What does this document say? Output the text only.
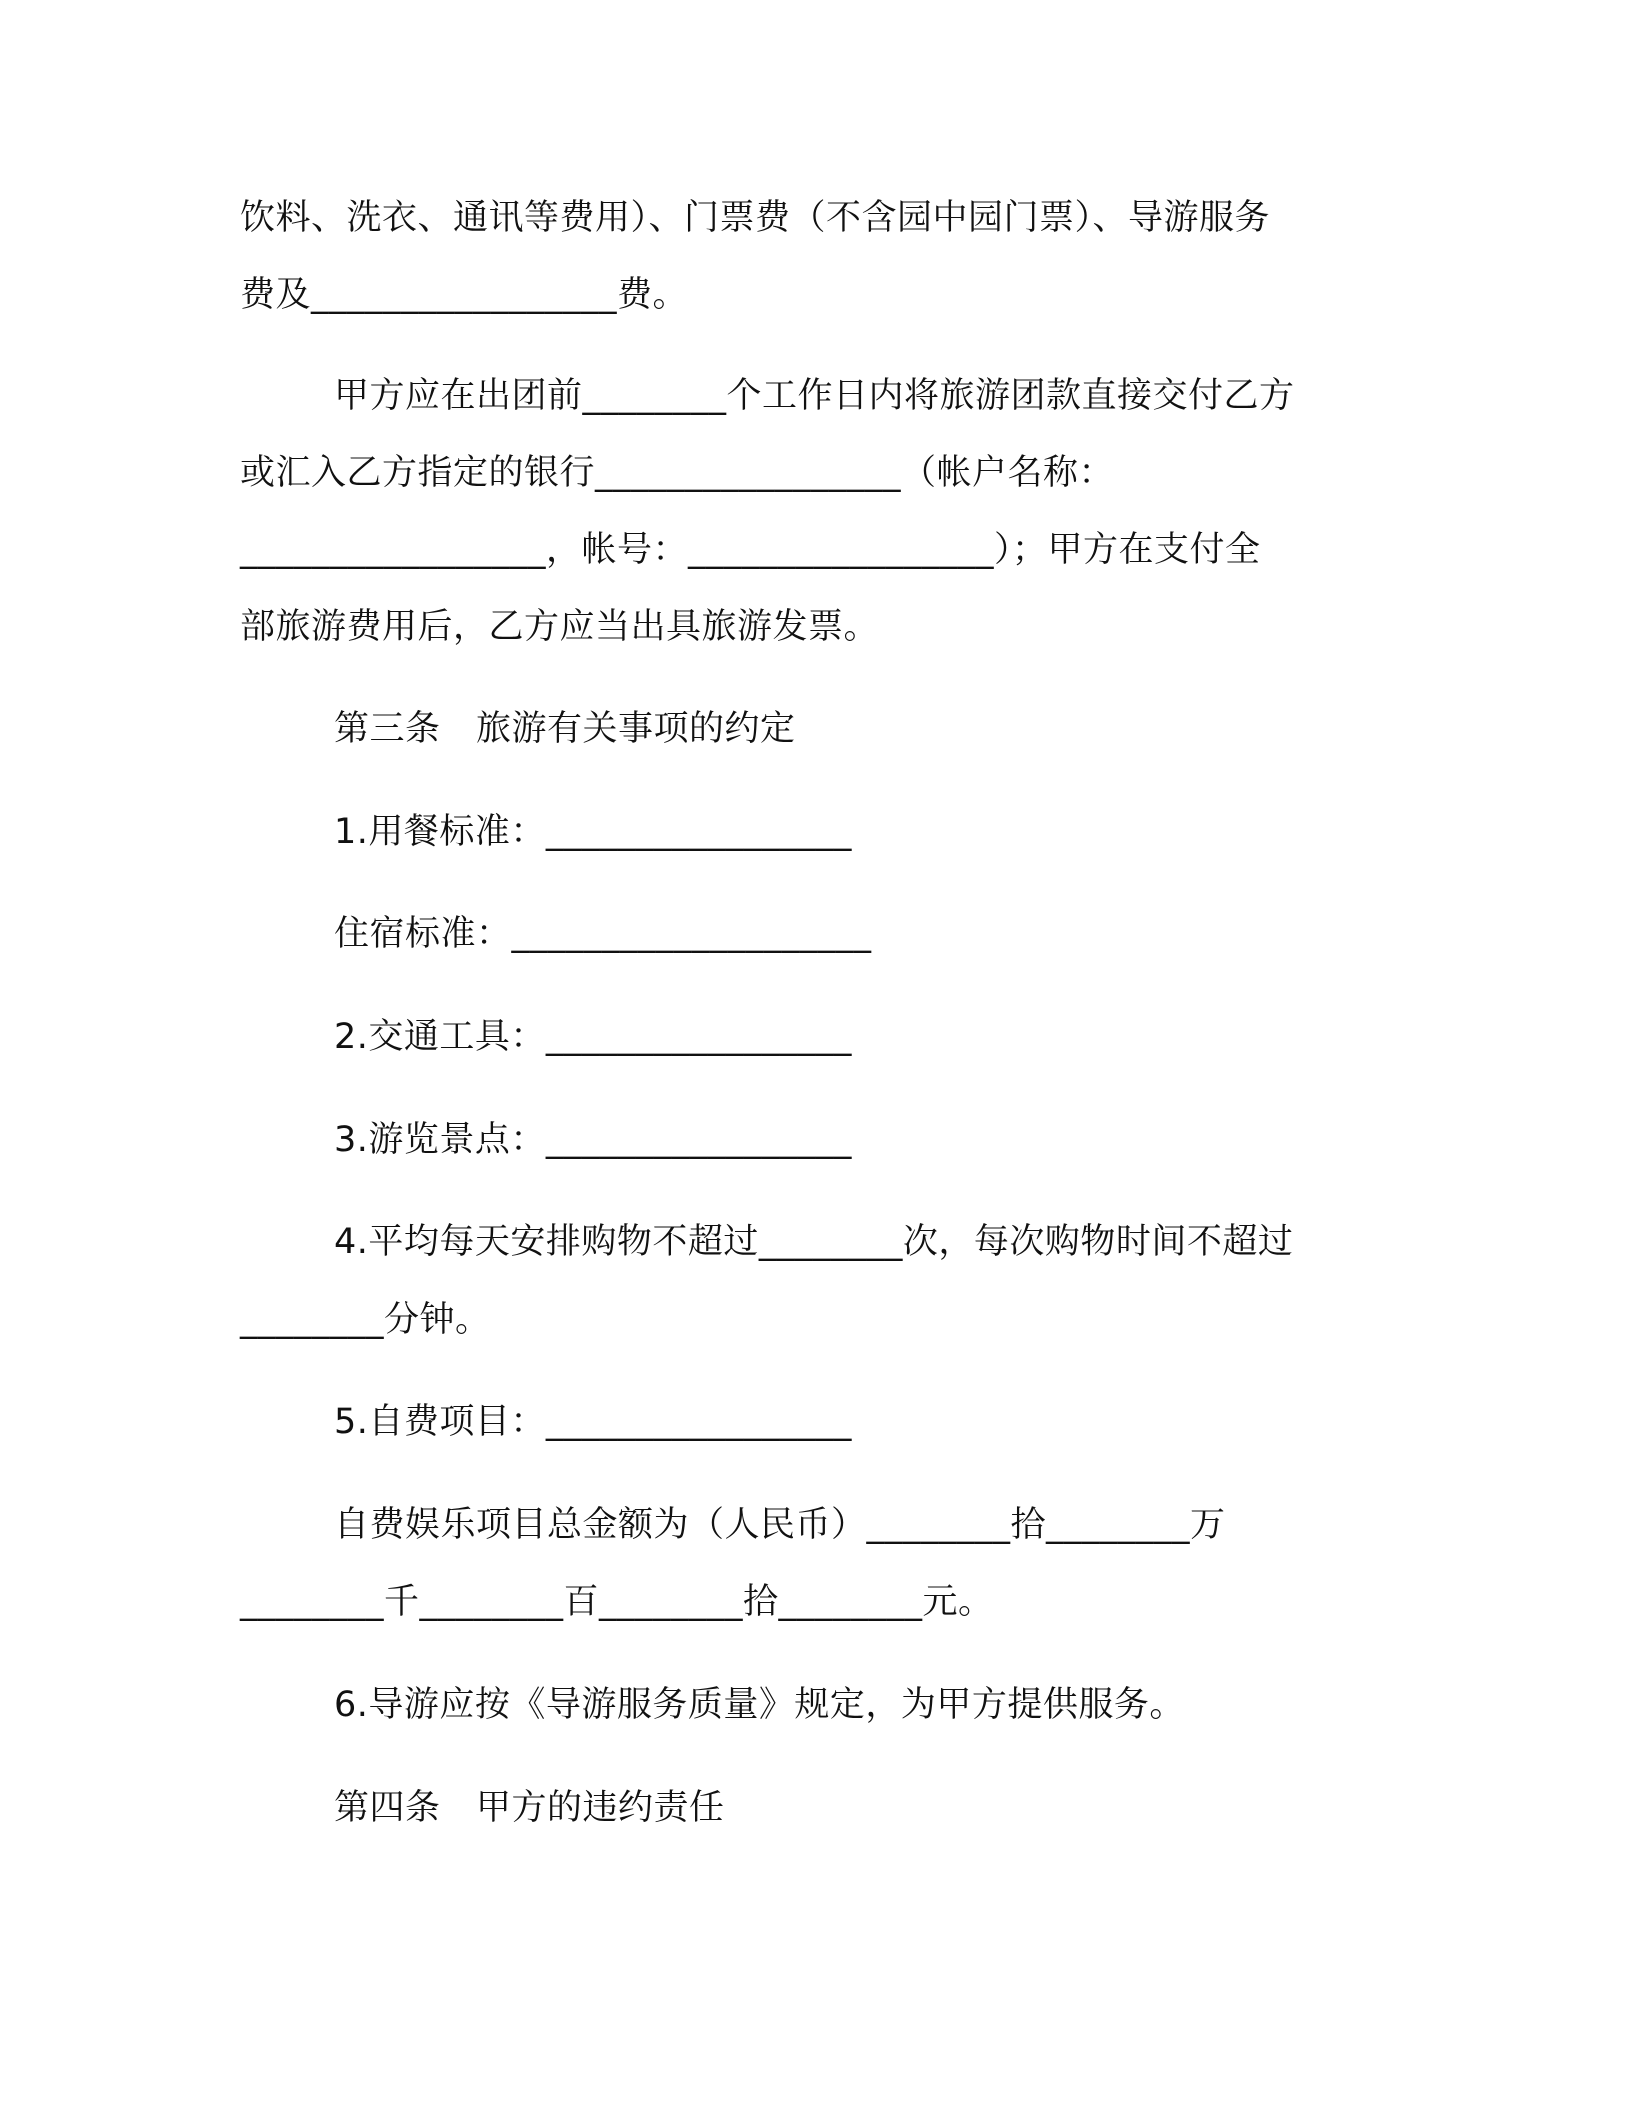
饮料、洗衣、通讯等费用）、门票费（不含园中园门票）、导游服务
费及_________________费。
甲方应在出团前________个工作日内将旅游团款直接交付乙方
或汇入乙方指定的银行_________________（帐户名称：
_________________，帐号：_________________）；甲方在支付全
部旅游费用后，乙方应当出具旅游发票。
第三条　旅游有关事项的约定
1.用餐标准：_________________
住宿标准：____________________
2.交通工具：_________________
3.游览景点：_________________
4.平均每天安排购物不超过________次，每次购物时间不超过
________分钟。
5.自费项目：_________________
自费娱乐项目总金额为（人民币）________拾________万
________千________百________拾________元。
6.导游应按《导游服务质量》规定，为甲方提供服务。
第四条　甲方的违约责任
